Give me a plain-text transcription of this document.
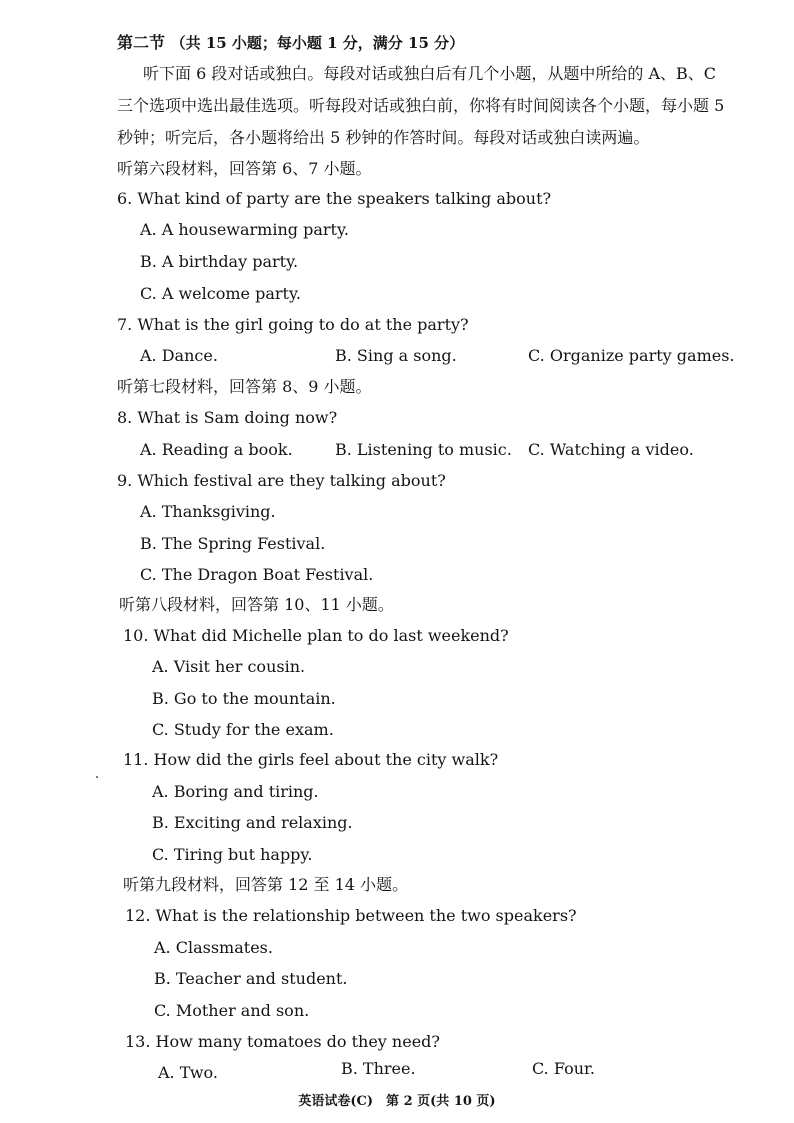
第二节 （共 15 小题；每小题 1 分，满分 15 分）
听下面 6 段对话或独白。每段对话或独白后有几个小题，从题中所给的 A、B、C
三个选项中选出最佳选项。听每段对话或独白前，你将有时间阅读各个小题，每小题 5
秒钟；听完后，各小题将给出 5 秒钟的作答时间。每段对话或独白读两遍。
听第六段材料，回答第 6、7 小题。
6. What kind of party are the speakers talking about?
A. A housewarming party.
B. A birthday party.
C. A welcome party.
7. What is the girl going to do at the party?
A. Dance.	B. Sing a song.	C. Organize party games.
听第七段材料，回答第 8、9 小题。
8. What is Sam doing now?
A. Reading a book.	B. Listening to music. C. Watching a video.
9. Which festival are they talking about?
A. Thanksgiving.
B. The Spring Festival.
C. The Dragon Boat Festival.
听第八段材料，回答第 10、11 小题。
10. What did Michelle plan to do last weekend?
A. Visit her cousin.
B. Go to the mountain.
C. Study for the exam.
11. How did the girls feel about the city walk?
A. Boring and tiring.
B. Exciting and relaxing.
C. Tiring but happy.
听第九段材料，回答第 12 至 14 小题。
12. What is the relationship between the two speakers?
A. Classmates.
B. Teacher and student.
C. Mother and son.
13. How many tomatoes do they need?
A. Two.	B. Three.	C. Four.
英语试卷(C)　第 2 页(共 10 页)
